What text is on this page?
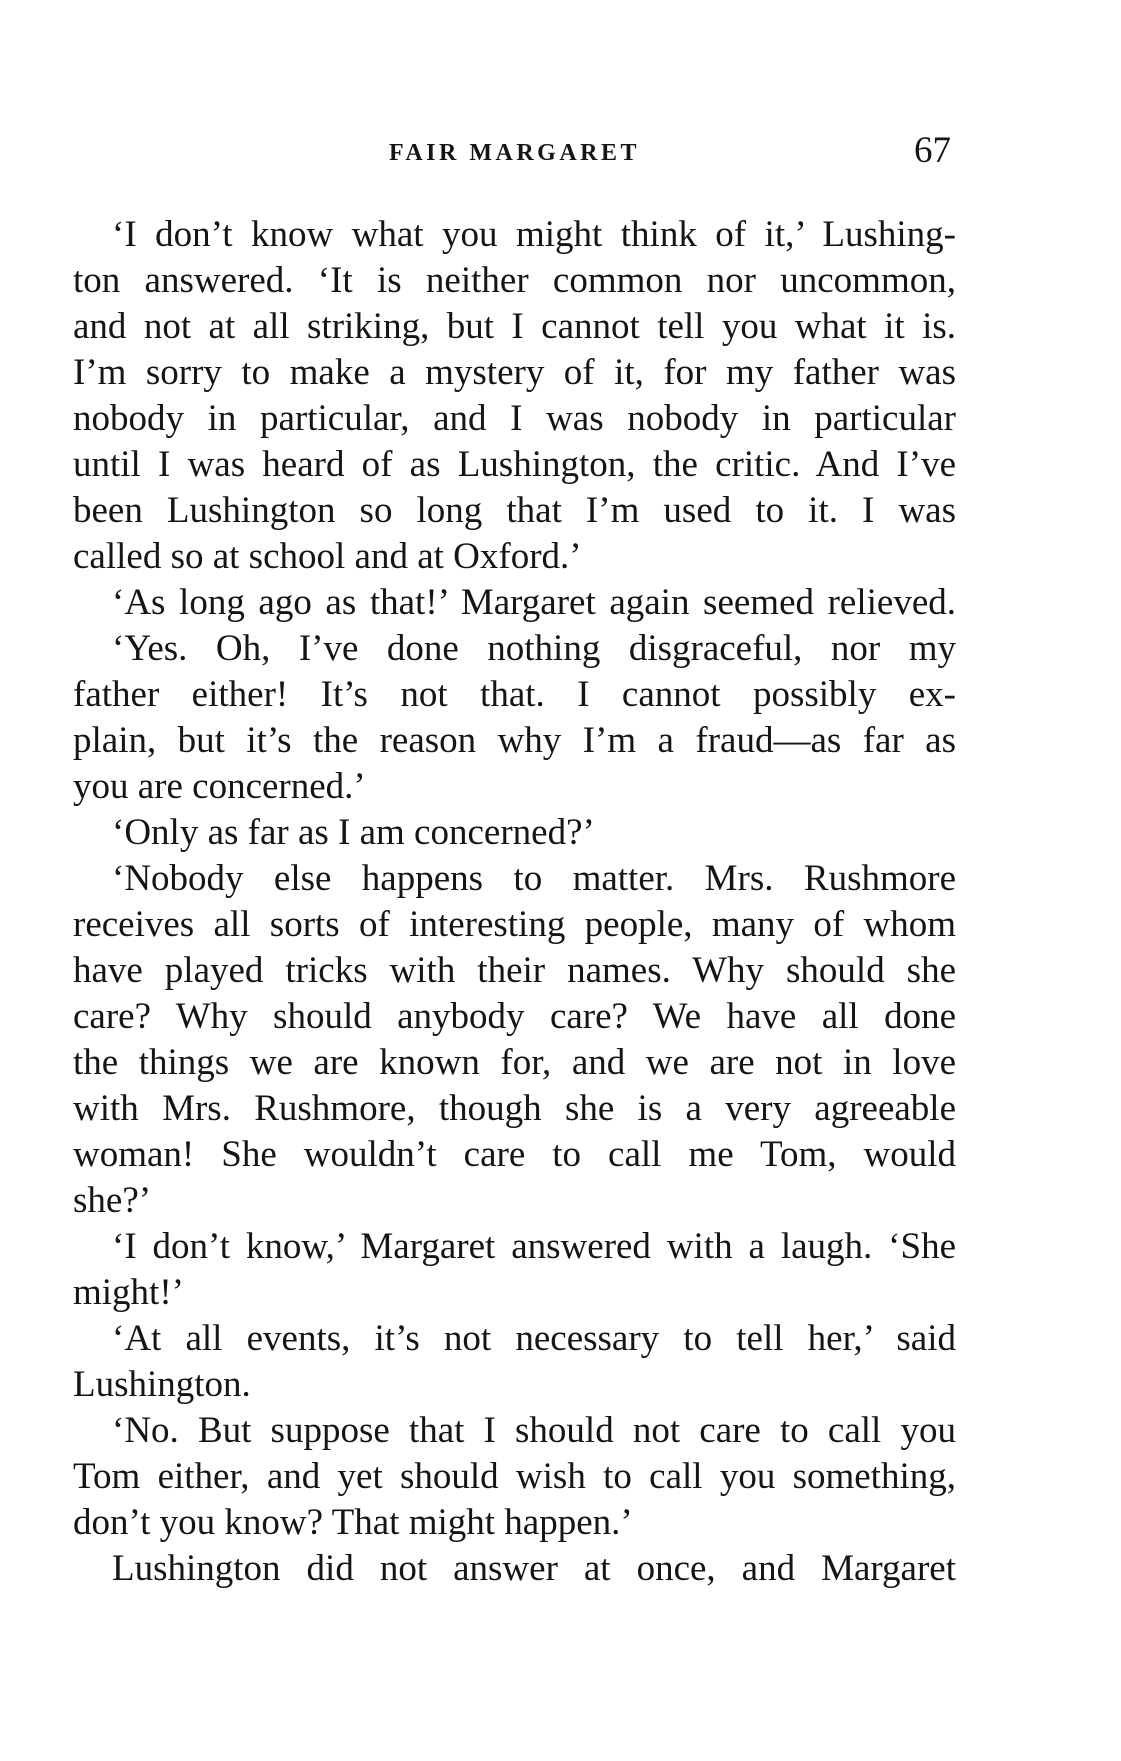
FAIR MARGARET	67
‘I don’t know what you might think of it,’ Lushing-
ton answered. ‘It is neither common nor uncommon,
and not at all striking, but I cannot tell you what it is.
I’m sorry to make a mystery of it, for my father was
nobody in particular, and I was nobody in particular
until I was heard of as Lushington, the critic. And I’ve
been Lushington so long that I’m used to it. I was
called so at school and at Oxford.’
‘As long ago as that!’ Margaret again seemed relieved.
‘Yes. Oh, I’ve done nothing disgraceful, nor my
father either! It’s not that. I cannot possibly ex-
plain, but it’s the reason why I’m a fraud—as far as
you are concerned.’
‘Only as far as I am concerned?’
‘Nobody else happens to matter. Mrs. Rushmore
receives all sorts of interesting people, many of whom
have played tricks with their names. Why should she
care? Why should anybody care? We have all done
the things we are known for, and we are not in love
with Mrs. Rushmore, though she is a very agreeable
woman! She wouldn’t care to call me Tom, would
she?’
‘I don’t know,’ Margaret answered with a laugh. ‘She
might!’
‘At all events, it’s not necessary to tell her,’ said
Lushington.
‘No. But suppose that I should not care to call you
Tom either, and yet should wish to call you something,
don’t you know? That might happen.’
Lushington did not answer at once, and Margaret
